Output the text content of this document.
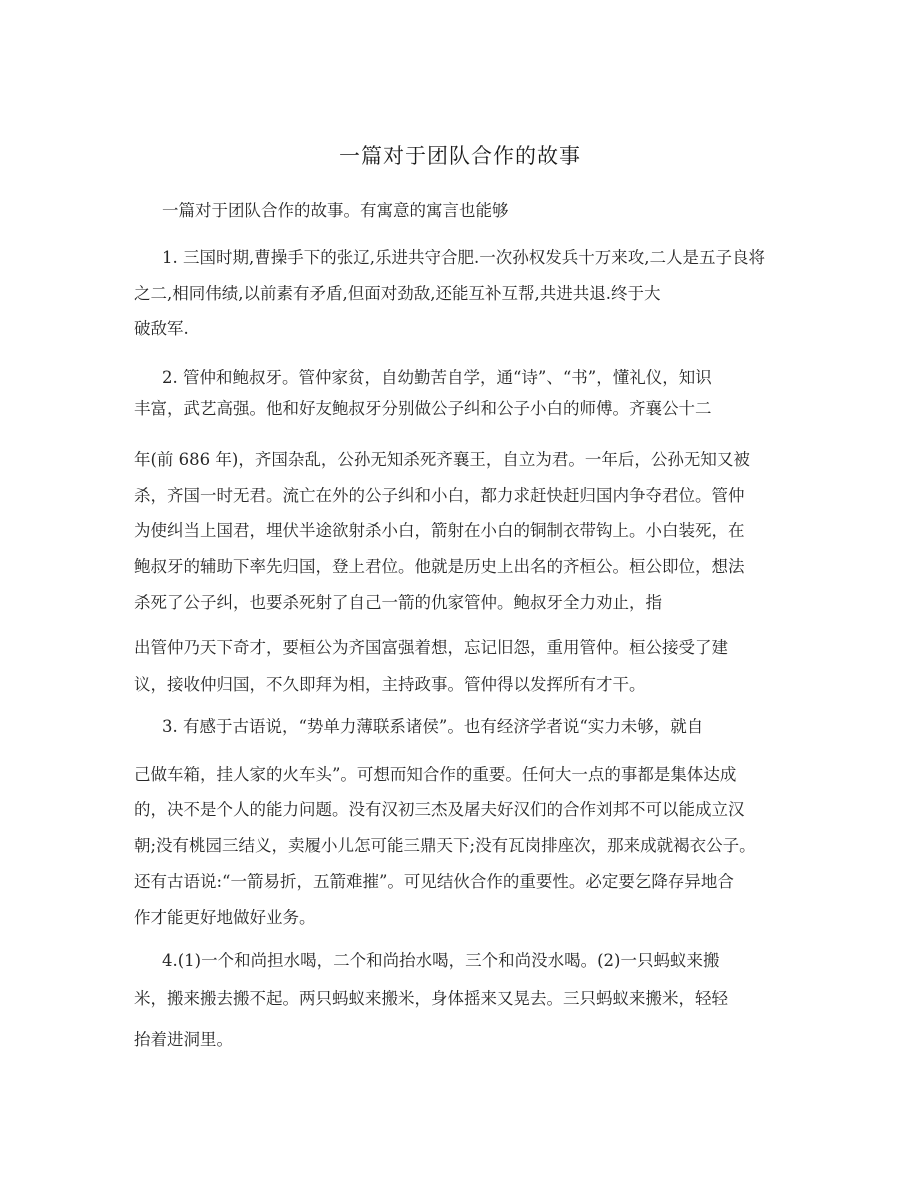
一篇对于团队合作的故事
一篇对于团队合作的故事。有寓意的寓言也能够
1. 三国时期,曹操手下的张辽,乐进共守合肥.一次孙权发兵十万来攻,二人是五子良将
之二,相同伟绩,以前素有矛盾,但面对劲敌,还能互补互帮,共进共退.终于大
破敌军.
2. 管仲和鲍叔牙。管仲家贫，自幼勤苦自学，通“诗”、“书”，懂礼仪，知识
丰富，武艺高强。他和好友鲍叔牙分别做公子纠和公子小白的师傅。齐襄公十二
年(前 686 年)，齐国杂乱，公孙无知杀死齐襄王，自立为君。一年后，公孙无知又被
杀，齐国一时无君。流亡在外的公子纠和小白，都力求赶快赶归国内争夺君位。管仲
为使纠当上国君，埋伏半途欲射杀小白，箭射在小白的铜制衣带钩上。小白装死，在
鲍叔牙的辅助下率先归国，登上君位。他就是历史上出名的齐桓公。桓公即位，想法
杀死了公子纠，也要杀死射了自己一箭的仇家管仲。鲍叔牙全力劝止，指
出管仲乃天下奇才，要桓公为齐国富强着想，忘记旧怨，重用管仲。桓公接受了建
议，接收仲归国，不久即拜为相，主持政事。管仲得以发挥所有才干。
3. 有感于古语说，“势单力薄联系诸侯”。也有经济学者说“实力未够，就自
己做车箱，挂人家的火车头”。可想而知合作的重要。任何大一点的事都是集体达成
的，决不是个人的能力问题。没有汉初三杰及屠夫好汉们的合作刘邦不可以能成立汉
朝;没有桃园三结义，卖履小儿怎可能三鼎天下;没有瓦岗排座次，那来成就褐衣公子。
还有古语说:“一箭易折，五箭难摧”。可见结伙合作的重要性。必定要乞降存异地合
作才能更好地做好业务。
4.(1)一个和尚担水喝，二个和尚抬水喝，三个和尚没水喝。(2)一只蚂蚁来搬
米，搬来搬去搬不起。两只蚂蚁来搬米，身体摇来又晃去。三只蚂蚁来搬米，轻轻
抬着进洞里。
